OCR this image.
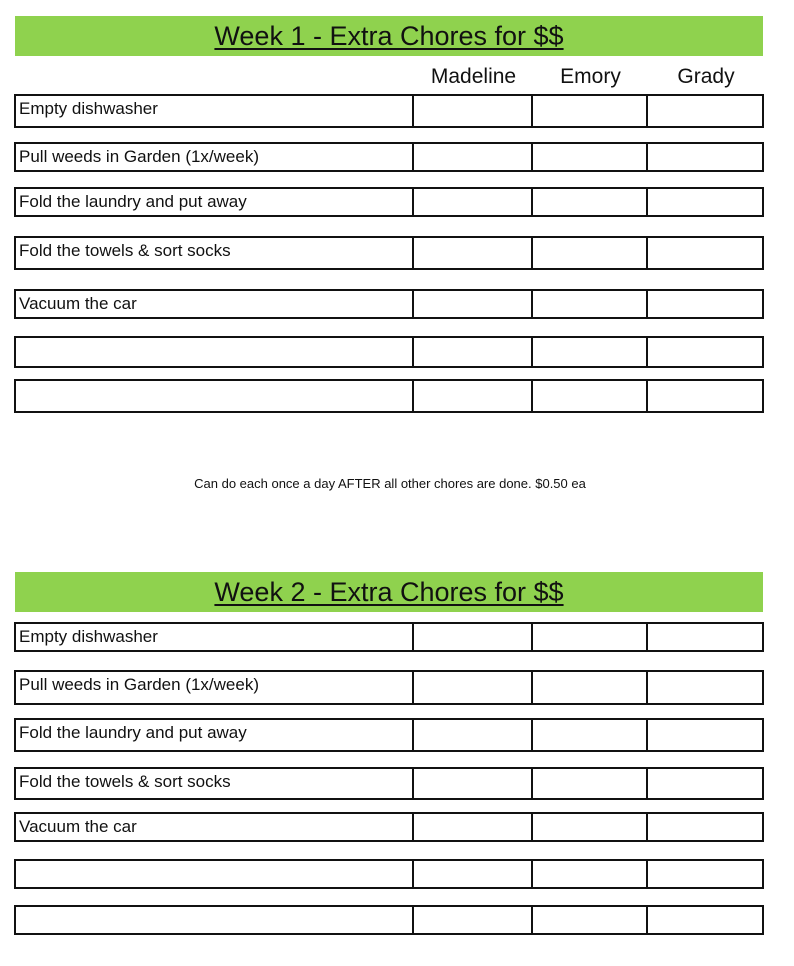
Week 1 - Extra Chores for $$
Madeline	Emory	Grady
Empty dishwasher
Pull weeds in Garden (1x/week)
Fold the laundry and put away
Fold the towels & sort socks
Vacuum the car
Can do each once a day AFTER all other chores are done. $0.50 ea
Week 2 - Extra Chores for $$
Empty dishwasher
Pull weeds in Garden (1x/week)
Fold the laundry and put away
Fold the towels & sort socks
Vacuum the car
